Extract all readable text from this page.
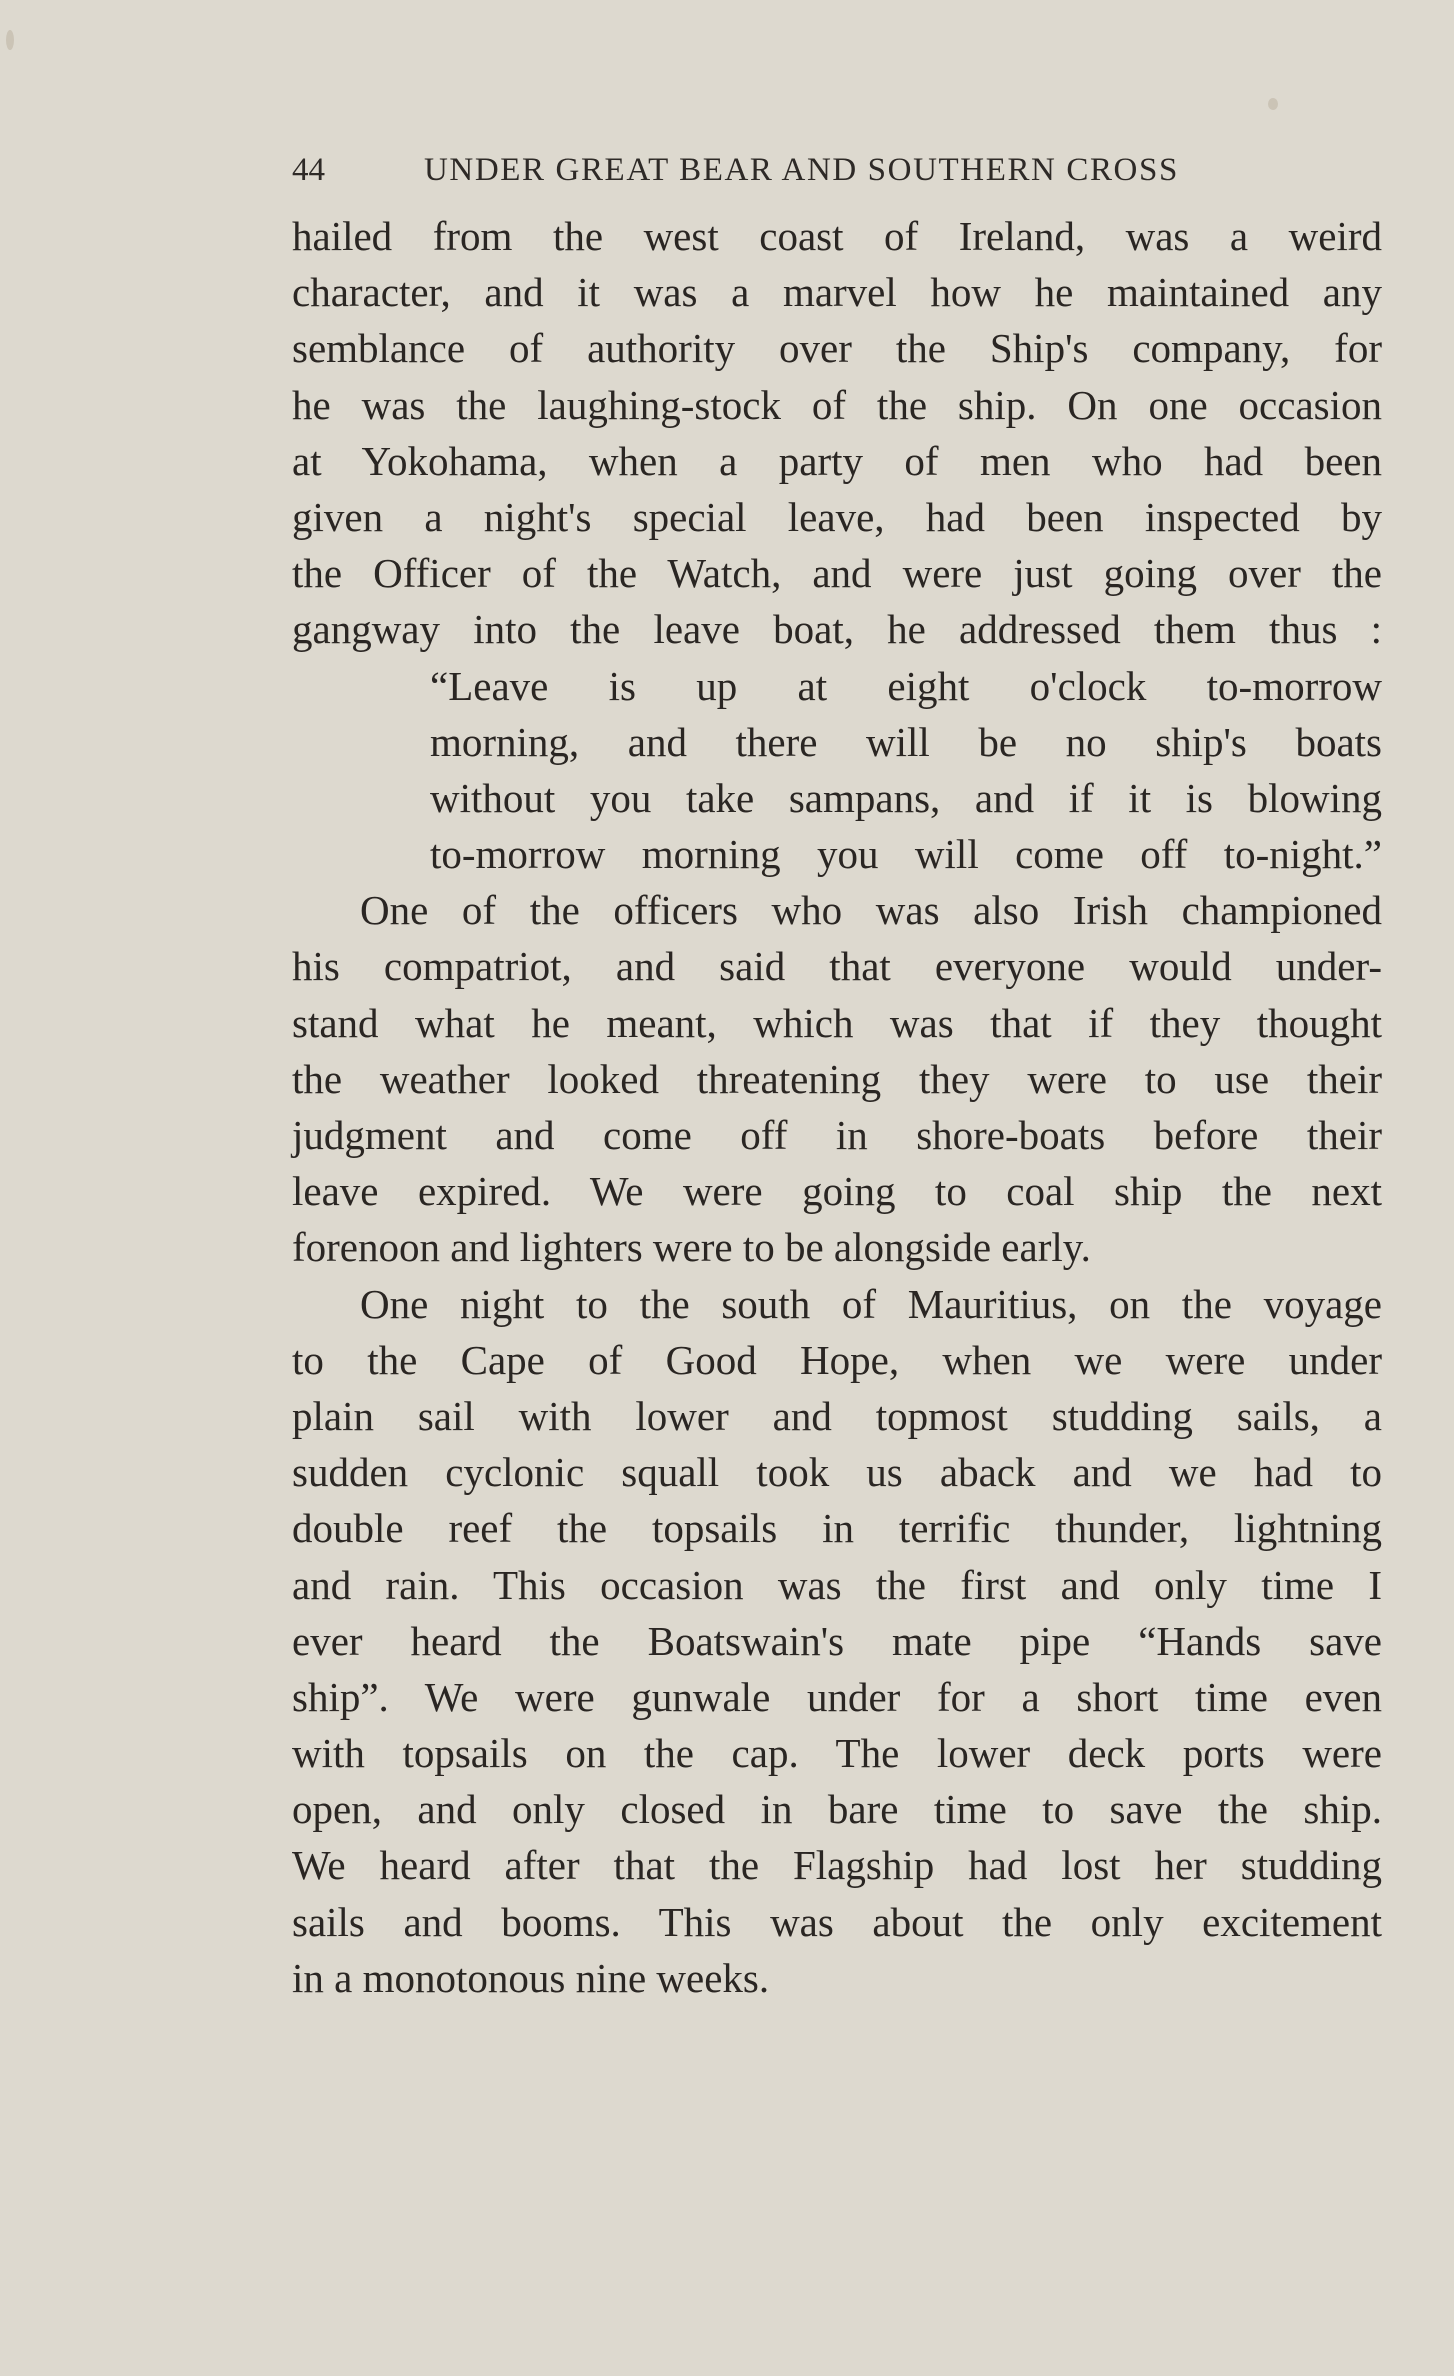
44	UNDER GREAT BEAR AND SOUTHERN CROSS
hailed from the west coast of Ireland, was a weird
character, and it was a marvel how he maintained any
semblance of authority over the Ship's company, for
he was the laughing-stock of the ship. On one occasion
at Yokohama, when a party of men who had been
given a night's special leave, had been inspected by
the Officer of the Watch, and were just going over the
gangway into the leave boat, he addressed them thus :
“Leave is up at eight o'clock to-morrow
morning, and there will be no ship's boats
without you take sampans, and if it is blowing
to-morrow morning you will come off to-night.”
One of the officers who was also Irish championed
his compatriot, and said that everyone would under-
stand what he meant, which was that if they thought
the weather looked threatening they were to use their
judgment and come off in shore-boats before their
leave expired. We were going to coal ship the next
forenoon and lighters were to be alongside early.
One night to the south of Mauritius, on the voyage
to the Cape of Good Hope, when we were under
plain sail with lower and topmost studding sails, a
sudden cyclonic squall took us aback and we had to
double reef the topsails in terrific thunder, lightning
and rain. This occasion was the first and only time I
ever heard the Boatswain's mate pipe “Hands save
ship”. We were gunwale under for a short time even
with topsails on the cap. The lower deck ports were
open, and only closed in bare time to save the ship.
We heard after that the Flagship had lost her studding
sails and booms. This was about the only excitement
in a monotonous nine weeks.
